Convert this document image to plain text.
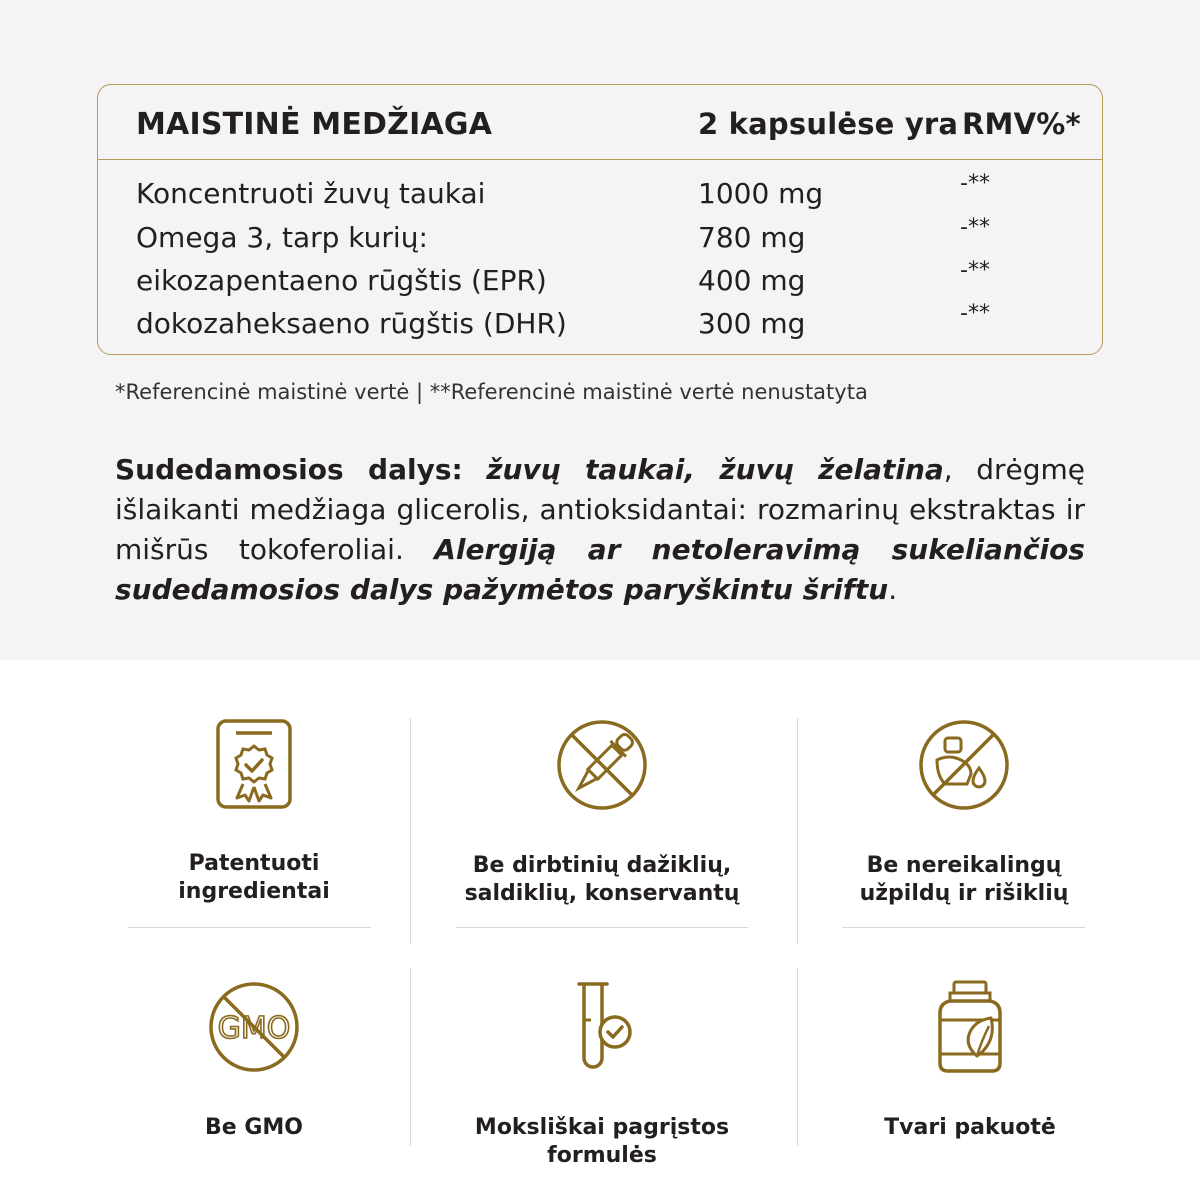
MAISTINĖ MEDŽIAGA	2 kapsulėse yra RMV%*
Koncentruoti žuvų taukai	1000 mg	-**
Omega 3, tarp kurių:	780 mg	-**
eikozapentaeno rūgštis (EPR)	400 mg	-**
dokozaheksaeno rūgštis (DHR)	300 mg	-**
*Referencinė maistinė vertė | **Referencinė maistinė vertė nenustatyta
Sudedamosios dalys: žuvų taukai, žuvų želatina, drėgmę išlaikanti medžiaga glicerolis, antioksidantai: rozmarinų ekstraktas ir mišrūs tokoferoliai. Alergiją ar netoleravimą sukeliančios sudedamosios dalys pažymėtos paryškintu šriftu.
Patentuoti
ingredientai
Be dirbtinių dažiklių,
saldiklių, konservantų
Be nereikalingų
užpildų ir rišiklių
GMO
Be GMO	Moksliškai pagrįstos
formulės
Tvari pakuotė
